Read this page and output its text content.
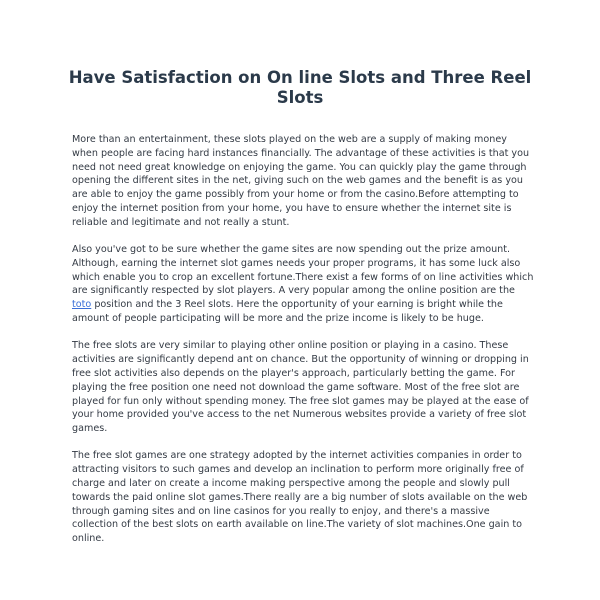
Have Satisfaction on On line Slots and Three Reel Slots

More than an entertainment, these slots played on the web are a supply of making money when people are facing hard instances financially. The advantage of these activities is that you need not need great knowledge on enjoying the game. You can quickly play the game through opening the different sites in the net, giving such on the web games and the benefit is as you are able to enjoy the game possibly from your home or from the casino.Before attempting to enjoy the internet position from your home, you have to ensure whether the internet site is reliable and legitimate and not really a stunt.

Also you've got to be sure whether the game sites are now spending out the prize amount. Although, earning the internet slot games needs your proper programs, it has some luck also which enable you to crop an excellent fortune.There exist a few forms of on line activities which are significantly respected by slot players. A very popular among the online position are the toto position and the 3 Reel slots. Here the opportunity of your earning is bright while the amount of people participating will be more and the prize income is likely to be huge.

The free slots are very similar to playing other online position or playing in a casino. These activities are significantly depend ant on chance. But the opportunity of winning or dropping in free slot activities also depends on the player's approach, particularly betting the game. For playing the free position one need not download the game software. Most of the free slot are played for fun only without spending money. The free slot games may be played at the ease of your home provided you've access to the net Numerous websites provide a variety of free slot games.

The free slot games are one strategy adopted by the internet activities companies in order to attracting visitors to such games and develop an inclination to perform more originally free of charge and later on create a income making perspective among the people and slowly pull towards the paid online slot games.There really are a big number of slots available on the web through gaming sites and on line casinos for you really to enjoy, and there's a massive collection of the best slots on earth available on line.The variety of slot machines.One gain to online.
